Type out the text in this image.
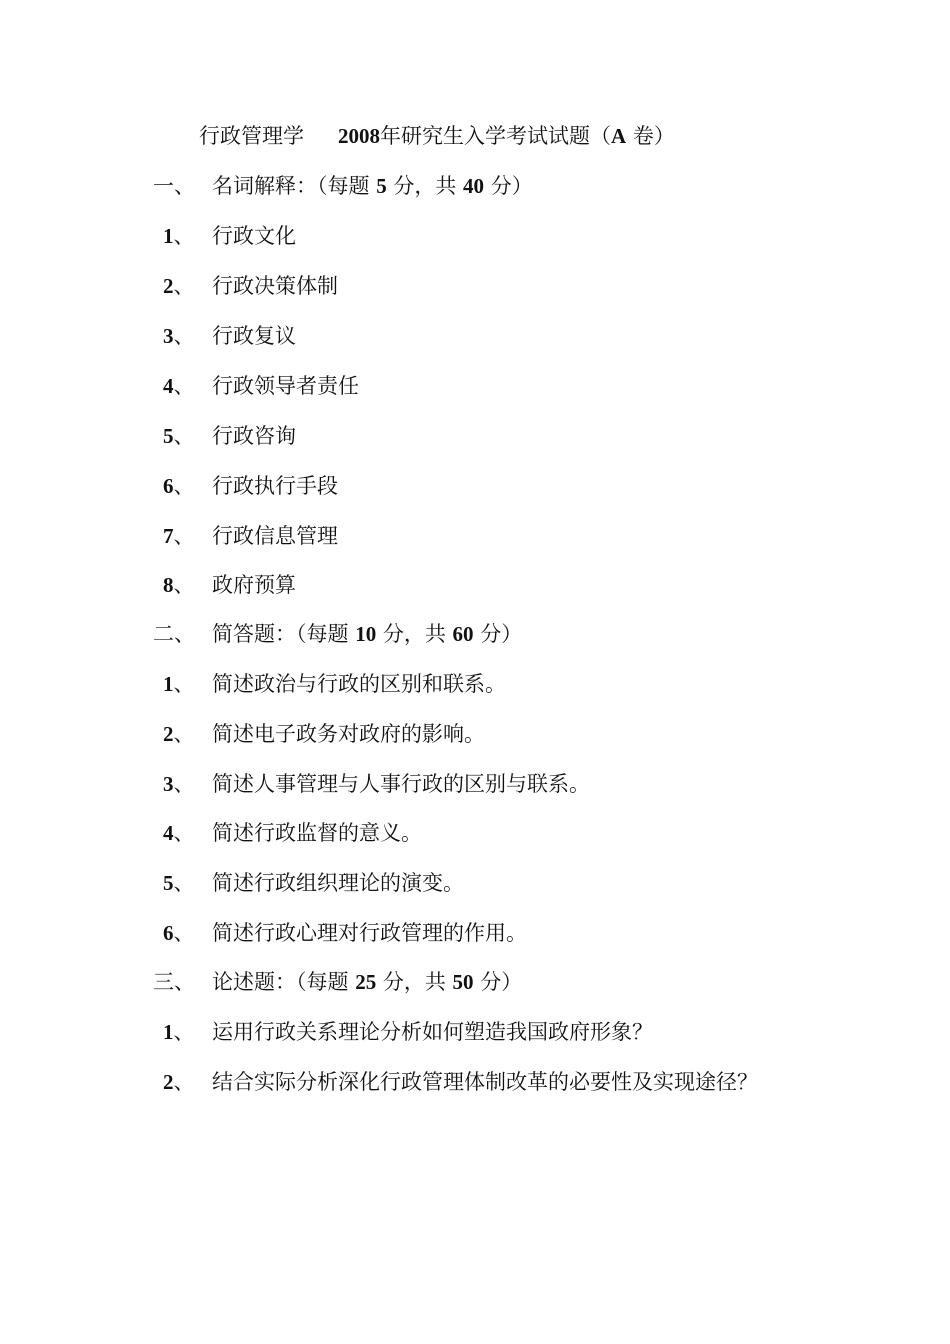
行政管理学 2008年研究生入学考试试题（A 卷）
一、 名词解释：（每题 5 分，共 40 分）
1、 行政文化
2、 行政决策体制
3、 行政复议
4、 行政领导者责任
5、 行政咨询
6、 行政执行手段
7、 行政信息管理
8、 政府预算
二、 简答题：（每题 10 分，共 60 分）
1、 简述政治与行政的区别和联系。
2、 简述电子政务对政府的影响。
3、 简述人事管理与人事行政的区别与联系。
4、 简述行政监督的意义。
5、 简述行政组织理论的演变。
6、 简述行政心理对行政管理的作用。
三、 论述题：（每题 25 分，共 50 分）
1、 运用行政关系理论分析如何塑造我国政府形象？
2、 结合实际分析深化行政管理体制改革的必要性及实现途径？
